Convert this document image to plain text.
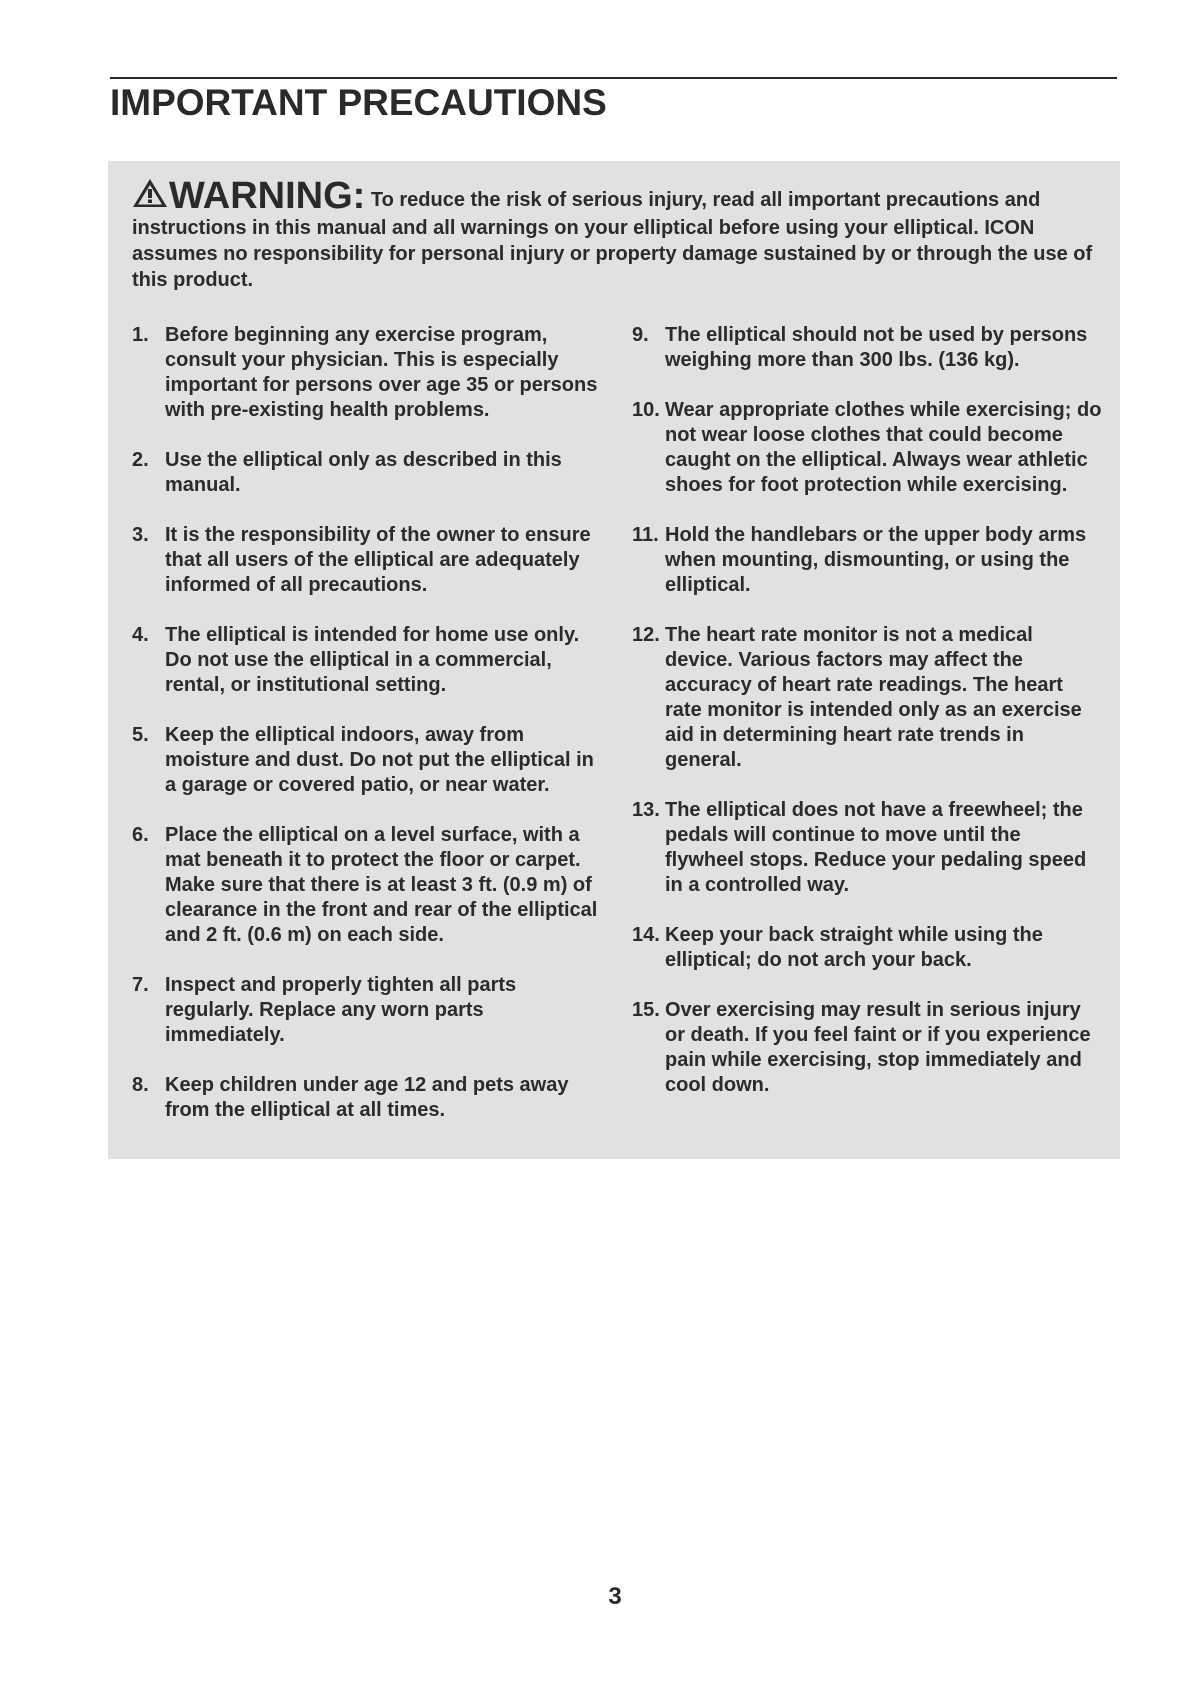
IMPORTANT PRECAUTIONS
WARNING: To reduce the risk of serious injury, read all important precautions and instructions in this manual and all warnings on your elliptical before using your elliptical. ICON assumes no responsibility for personal injury or property damage sustained by or through the use of this product.
1. Before beginning any exercise program, consult your physician. This is especially important for persons over age 35 or persons with pre-existing health problems.
2. Use the elliptical only as described in this manual.
3. It is the responsibility of the owner to ensure that all users of the elliptical are adequately informed of all precautions.
4. The elliptical is intended for home use only. Do not use the elliptical in a commercial, rental, or institutional setting.
5. Keep the elliptical indoors, away from moisture and dust. Do not put the elliptical in a garage or covered patio, or near water.
6. Place the elliptical on a level surface, with a mat beneath it to protect the floor or carpet. Make sure that there is at least 3 ft. (0.9 m) of clearance in the front and rear of the elliptical and 2 ft. (0.6 m) on each side.
7. Inspect and properly tighten all parts regularly. Replace any worn parts immediately.
8. Keep children under age 12 and pets away from the elliptical at all times.
9. The elliptical should not be used by persons weighing more than 300 lbs. (136 kg).
10. Wear appropriate clothes while exercising; do not wear loose clothes that could become caught on the elliptical. Always wear athletic shoes for foot protection while exercising.
11. Hold the handlebars or the upper body arms when mounting, dismounting, or using the elliptical.
12. The heart rate monitor is not a medical device. Various factors may affect the accuracy of heart rate readings. The heart rate monitor is intended only as an exercise aid in determining heart rate trends in general.
13. The elliptical does not have a freewheel; the pedals will continue to move until the flywheel stops. Reduce your pedaling speed in a controlled way.
14. Keep your back straight while using the elliptical; do not arch your back.
15. Over exercising may result in serious injury or death. If you feel faint or if you experience pain while exercising, stop immediately and cool down.
3
